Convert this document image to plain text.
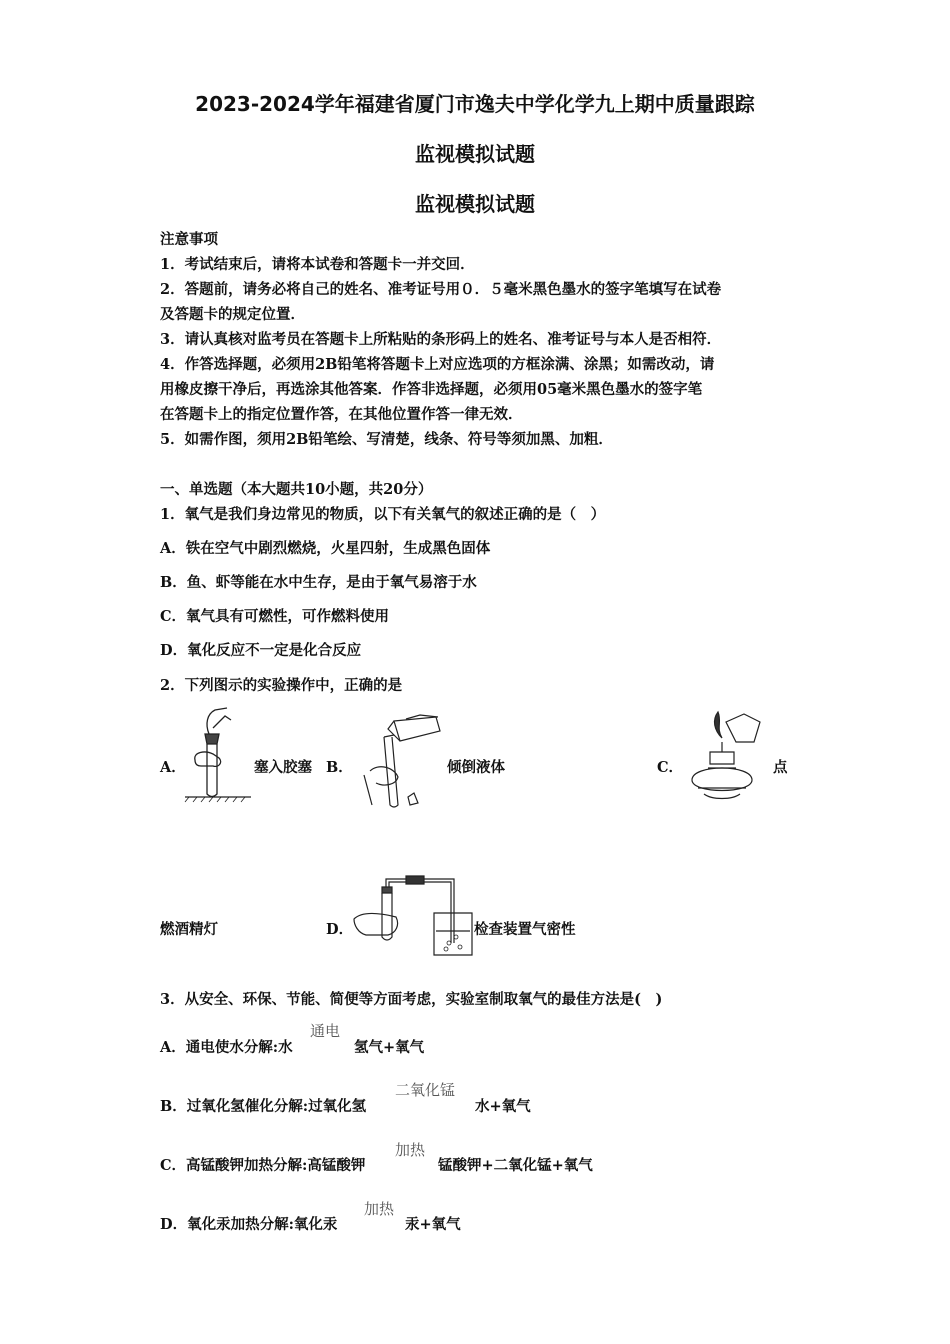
2023-2024学年福建省厦门市逸夫中学化学九上期中质量跟踪
监视模拟试题
监视模拟试题
注意事项
1．考试结束后，请将本试卷和答题卡一并交回．
2．答题前，请务必将自己的姓名、准考证号用０．５毫米黑色墨水的签字笔填写在试卷
及答题卡的规定位置．
3．请认真核对监考员在答题卡上所粘贴的条形码上的姓名、准考证号与本人是否相符．
4．作答选择题，必须用2B铅笔将答题卡上对应选项的方框涂满、涂黑；如需改动，请
用橡皮擦干净后，再选涂其他答案．作答非选择题，必须用05毫米黑色墨水的签字笔
在答题卡上的指定位置作答，在其他位置作答一律无效．
5．如需作图，须用2B铅笔绘、写清楚，线条、符号等须加黑、加粗．
一、单选题（本大题共10小题，共20分）
1．氧气是我们身边常见的物质，以下有关氧气的叙述正确的是（　）
A．铁在空气中剧烈燃烧，火星四射，生成黑色固体
B．鱼、虾等能在水中生存，是由于氧气易溶于水
C．氧气具有可燃性，可作燃料使用
D．氧化反应不一定是化合反应
2．下列图示的实验操作中，正确的是
A．	塞入胶塞 B．	倾倒液体	C．	点
燃酒精灯	D．	检查装置气密性
3．从安全、环保、节能、简便等方面考虑，实验室制取氧气的最佳方法是(　)
A．通电使水分解:水
通电
氢气+氧气
B．过氧化氢催化分解:过氧化氢
二氧化锰
水+氧气
C．高锰酸钾加热分解:高锰酸钾
加热
锰酸钾+二氧化锰+氧气
D．氧化汞加热分解:氧化汞
加热
汞+氧气
